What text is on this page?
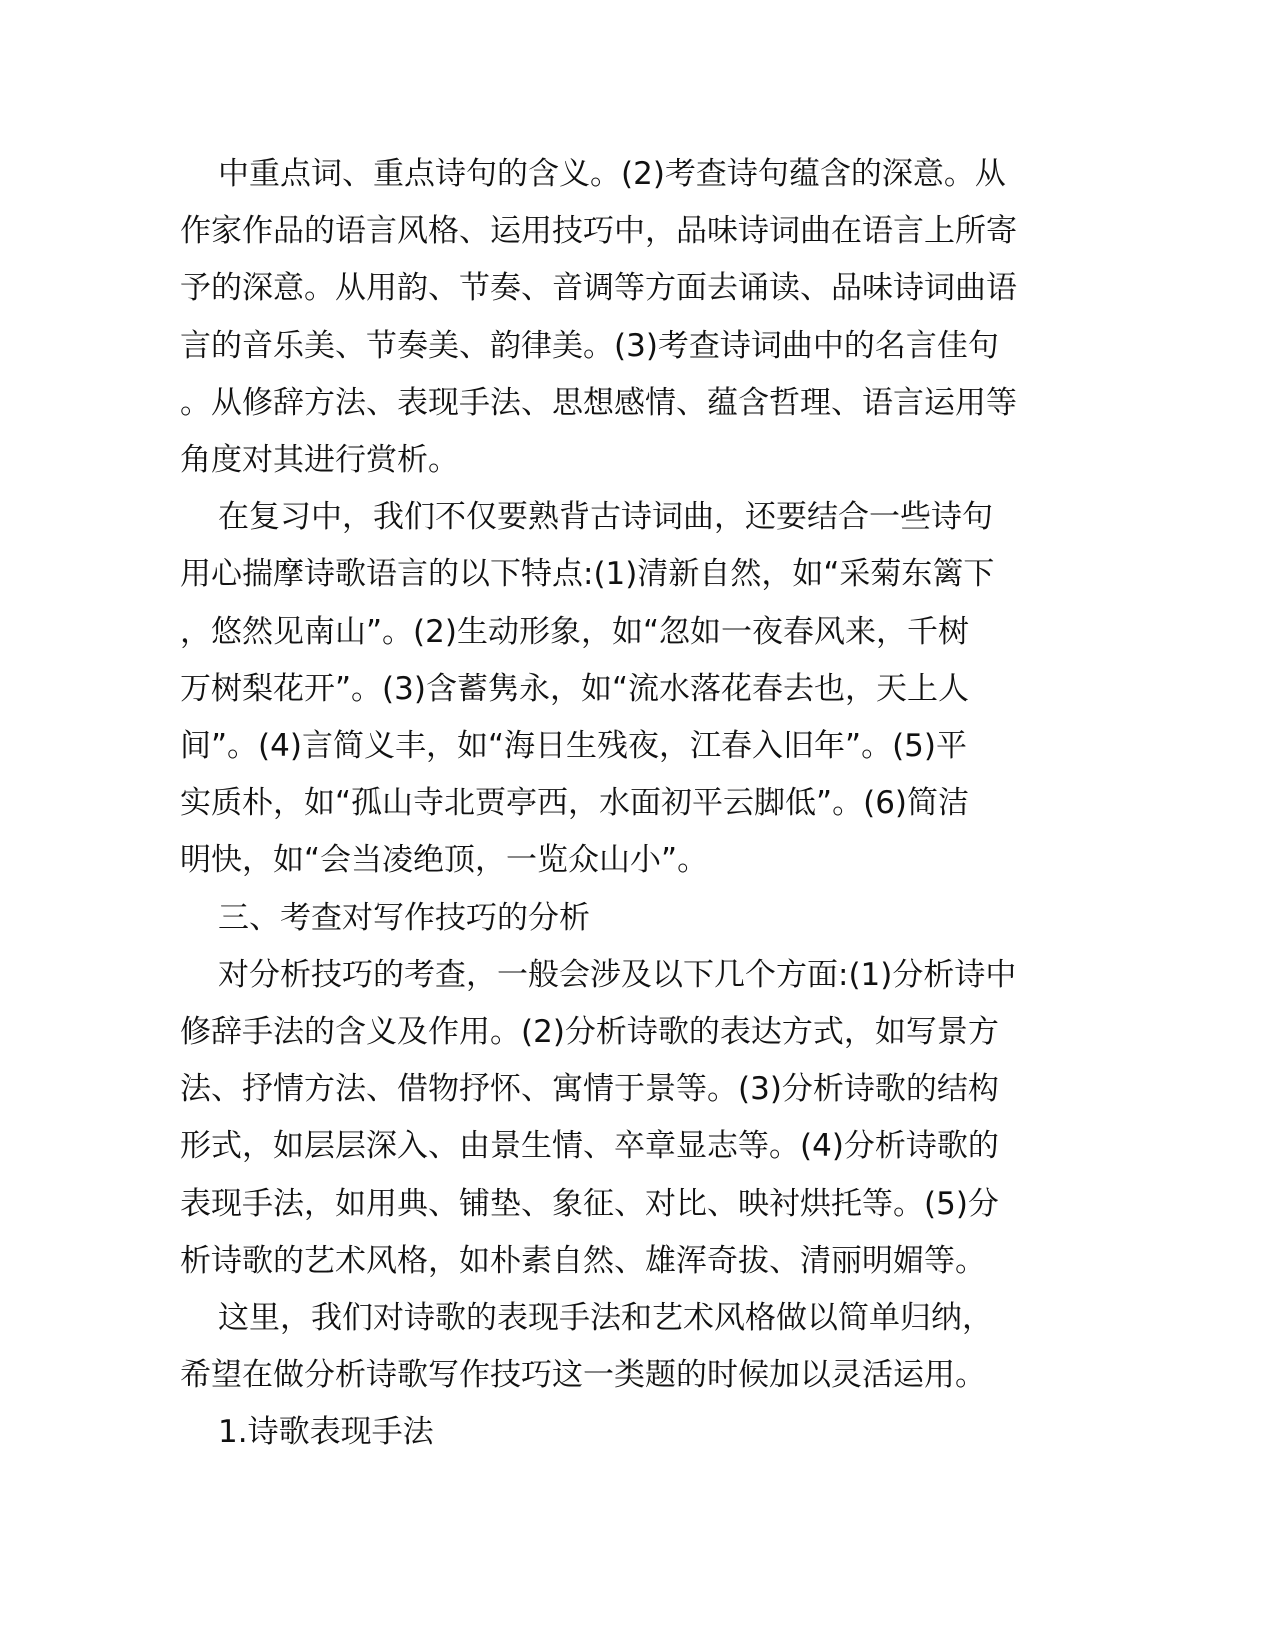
中重点词、重点诗句的含义。(2)考查诗句蕴含的深意。从

作家作品的语言风格、运用技巧中，品味诗词曲在语言上所寄

予的深意。从用韵、节奏、音调等方面去诵读、品味诗词曲语

言的音乐美、节奏美、韵律美。(3)考查诗词曲中的名言佳句

。从修辞方法、表现手法、思想感情、蕴含哲理、语言运用等

角度对其进行赏析。

在复习中，我们不仅要熟背古诗词曲，还要结合一些诗句

用心揣摩诗歌语言的以下特点:(1)清新自然，如“采菊东篱下

，悠然见南山”。(2)生动形象，如“忽如一夜春风来，千树

万树梨花开”。(3)含蓄隽永，如“流水落花春去也，天上人

间”。(4)言简义丰，如“海日生残夜，江春入旧年”。(5)平

实质朴，如“孤山寺北贾亭西，水面初平云脚低”。(6)简洁

明快，如“会当凌绝顶，一览众山小”。

三、考查对写作技巧的分析

对分析技巧的考查，一般会涉及以下几个方面:(1)分析诗中

修辞手法的含义及作用。(2)分析诗歌的表达方式，如写景方

法、抒情方法、借物抒怀、寓情于景等。(3)分析诗歌的结构

形式，如层层深入、由景生情、卒章显志等。(4)分析诗歌的

表现手法，如用典、铺垫、象征、对比、映衬烘托等。(5)分

析诗歌的艺术风格，如朴素自然、雄浑奇拔、清丽明媚等。

这里，我们对诗歌的表现手法和艺术风格做以简单归纳，

希望在做分析诗歌写作技巧这一类题的时候加以灵活运用。

1.诗歌表现手法
